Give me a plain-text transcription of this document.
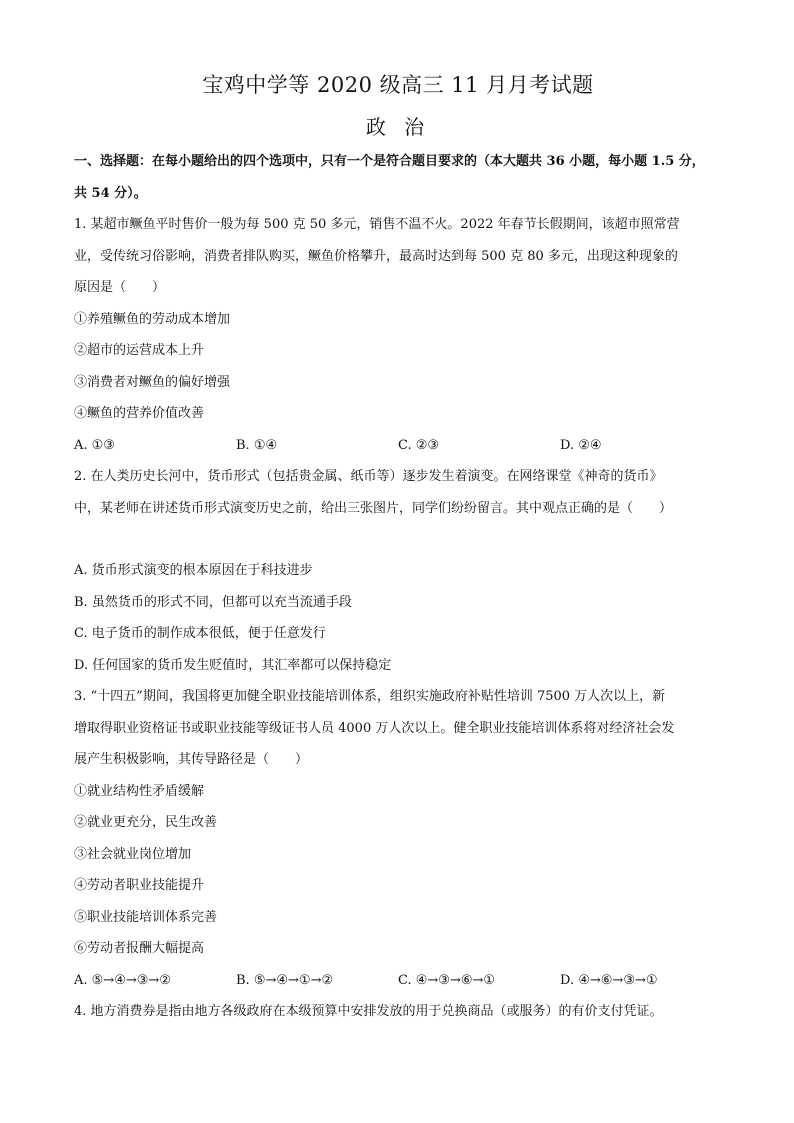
宝鸡中学等 2020 级高三 11 月月考试题
政 治
一、选择题：在每小题给出的四个选项中，只有一个是符合题目要求的（本大题共 36 小题，每小题 1.5 分，
共 54 分）。
1. 某超市鳜鱼平时售价一般为每 500 克 50 多元，销售不温不火。2022 年春节长假期间，该超市照常营
业，受传统习俗影响，消费者排队购买，鳜鱼价格攀升，最高时达到每 500 克 80 多元，出现这种现象的
原因是（　　）
①养殖鳜鱼的劳动成本增加
②超市的运营成本上升
③消费者对鳜鱼的偏好增强
④鳜鱼的营养价值改善
A. ①③	B. ①④	C. ②③	D. ②④
2. 在人类历史长河中，货币形式（包括贵金属、纸币等）逐步发生着演变。在网络课堂《神奇的货币》
中，某老师在讲述货币形式演变历史之前，给出三张图片，同学们纷纷留言。其中观点正确的是（　　）
A. 货币形式演变的根本原因在于科技进步
B. 虽然货币的形式不同，但都可以充当流通手段
C. 电子货币的制作成本很低，便于任意发行
D. 任何国家的货币发生贬值时，其汇率都可以保持稳定
3. “十四五”期间，我国将更加健全职业技能培训体系，组织实施政府补贴性培训 7500 万人次以上，新
增取得职业资格证书或职业技能等级证书人员 4000 万人次以上。健全职业技能培训体系将对经济社会发
展产生积极影响，其传导路径是（　　）
①就业结构性矛盾缓解
②就业更充分，民生改善
③社会就业岗位增加
④劳动者职业技能提升
⑤职业技能培训体系完善
⑥劳动者报酬大幅提高
A. ⑤→④→③→②	B. ⑤→④→①→②	C. ④→③→⑥→①	D. ④→⑥→③→①
4. 地方消费券是指由地方各级政府在本级预算中安排发放的用于兑换商品（或服务）的有价支付凭证。
